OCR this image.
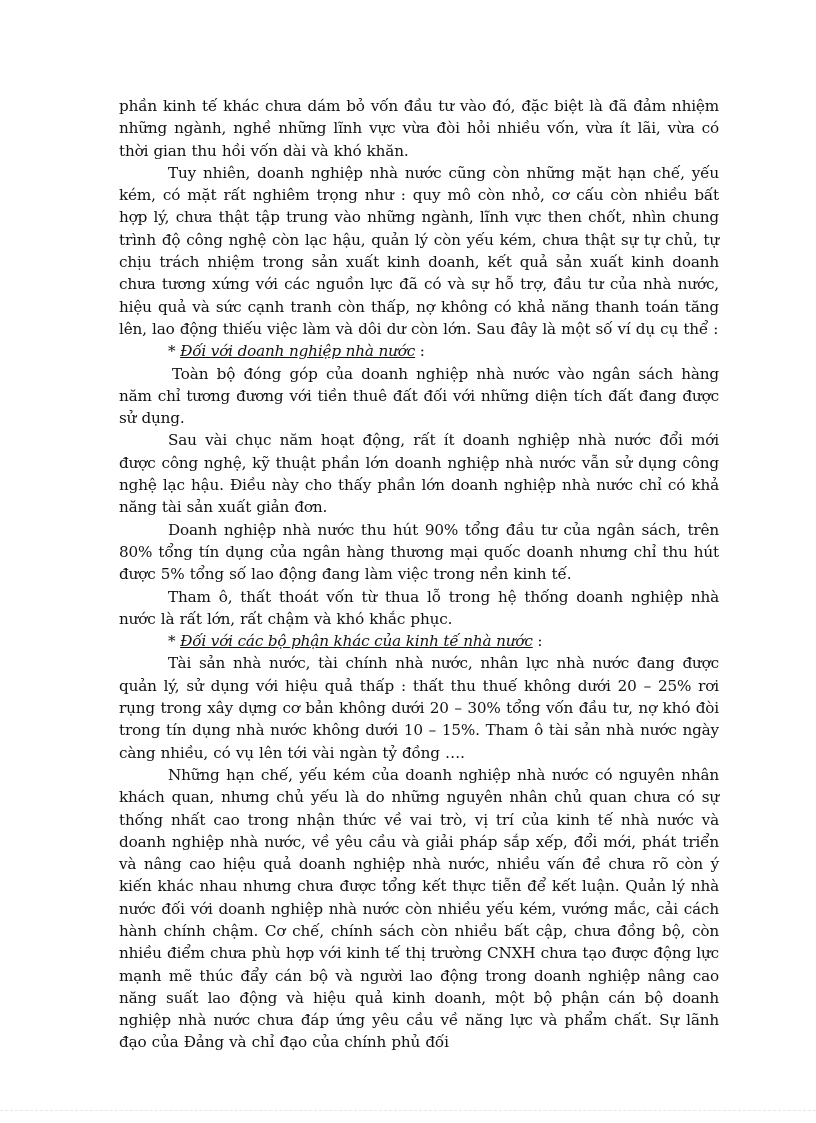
phần kinh tế khác chưa dám bỏ vốn đầu tư vào đó, đặc biệt là đã đảm nhiệm những ngành, nghề những lĩnh vực vừa đòi hỏi nhiều vốn, vừa ít lãi, vừa có thời gian thu hồi vốn dài và khó khăn.

Tuy nhiên, doanh nghiệp nhà nước cũng còn những mặt hạn chế, yếu kém, có mặt rất nghiêm trọng như : quy mô còn nhỏ, cơ cấu còn nhiều bất hợp lý, chưa thật tập trung vào những ngành, lĩnh vực then chốt, nhìn chung trình độ công nghệ còn lạc hậu, quản lý còn yếu kém, chưa thật sự tự chủ, tự chịu trách nhiệm trong sản xuất kinh doanh, kết quả sản xuất kinh doanh chưa tương xứng với các nguồn lực đã có và sự hỗ trợ, đầu tư của nhà nước, hiệu quả và sức cạnh tranh còn thấp, nợ không có khả năng thanh toán tăng lên, lao động thiếu việc làm và dôi dư còn lớn. Sau đây là một số ví dụ cụ thể :

* Đối với doanh nghiệp nhà nước :

Toàn bộ đóng góp của doanh nghiệp nhà nước vào ngân sách hàng năm chỉ tương đương với tiền thuê đất đối với những diện tích đất đang được sử dụng.

Sau vài chục năm hoạt động, rất ít doanh nghiệp nhà nước đổi mới được công nghệ, kỹ thuật phần lớn doanh nghiệp nhà nước vẫn sử dụng công nghệ lạc hậu. Điều này cho thấy phần lớn doanh nghiệp nhà nước chỉ có khả năng tài sản xuất giản đơn.

Doanh nghiệp nhà nước thu hút 90% tổng đầu tư của ngân sách, trên 80% tổng tín dụng của ngân hàng thương mại quốc doanh nhưng chỉ thu hút được 5% tổng số lao động đang làm việc trong nền kinh tế.

Tham ô, thất thoát vốn từ thua lỗ trong hệ thống doanh nghiệp nhà nước là rất lớn, rất chậm và khó khắc phục.

* Đối với các bộ phận khác của kinh tế nhà nước :

Tài sản nhà nước, tài chính nhà nước, nhân lực nhà nước đang được quản lý, sử dụng với hiệu quả thấp : thất thu thuế không dưới 20 – 25% rơi rụng trong xây dựng cơ bản không dưới 20 – 30% tổng vốn đầu tư, nợ khó đòi trong tín dụng nhà nước không dưới 10 – 15%. Tham ô tài sản nhà nước ngày càng nhiều, có vụ lên tới vài ngàn tỷ đồng ….

Những hạn chế, yếu kém của doanh nghiệp nhà nước có nguyên nhân khách quan, nhưng chủ yếu là do những nguyên nhân chủ quan chưa có sự thống nhất cao trong nhận thức về vai trò, vị trí của kinh tế nhà nước và doanh nghiệp nhà nước, về yêu cầu và giải pháp sắp xếp, đổi mới, phát triển và nâng cao hiệu quả doanh nghiệp nhà nước, nhiều vấn đề chưa rõ còn ý kiến khác nhau nhưng chưa được tổng kết thực tiễn để kết luận. Quản lý nhà nước đối với doanh nghiệp nhà nước còn nhiều yếu kém, vướng mắc, cải cách hành chính chậm. Cơ chế, chính sách còn nhiều bất cập, chưa đồng bộ, còn nhiều điểm chưa phù hợp với kinh tế thị trường CNXH chưa tạo được động lực mạnh mẽ thúc đẩy cán bộ và người lao động trong doanh nghiệp nâng cao năng suất lao động và hiệu quả kinh doanh, một bộ phận cán bộ doanh nghiệp nhà nước chưa đáp ứng yêu cầu về năng lực và phẩm chất. Sự lãnh đạo của Đảng và chỉ đạo của chính phủ đối
